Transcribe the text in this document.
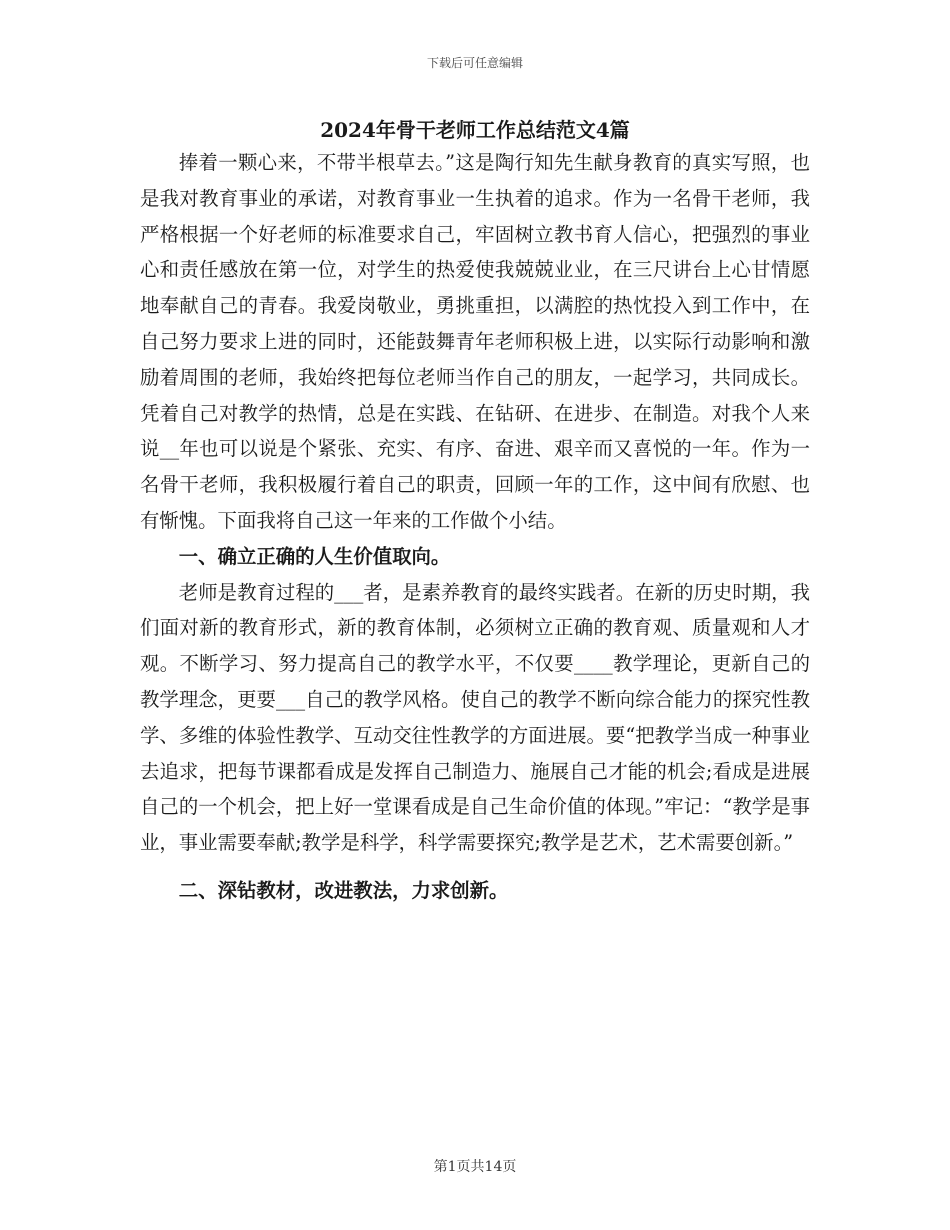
下载后可任意编辑
2024年骨干老师工作总结范文4篇

捧着一颗心来，不带半根草去。”这是陶行知先生献身教育的真实写照，也是我对教育事业的承诺，对教育事业一生执着的追求。作为一名骨干老师，我严格根据一个好老师的标准要求自己，牢固树立教书育人信心，把强烈的事业心和责任感放在第一位，对学生的热爱使我兢兢业业，在三尺讲台上心甘情愿地奉献自己的青春。我爱岗敬业，勇挑重担，以满腔的热忱投入到工作中，在自己努力要求上进的同时，还能鼓舞青年老师积极上进，以实际行动影响和激励着周围的老师，我始终把每位老师当作自己的朋友，一起学习，共同成长。凭着自己对教学的热情，总是在实践、在钻研、在进步、在制造。对我个人来说__年也可以说是个紧张、充实、有序、奋进、艰辛而又喜悦的一年。作为一名骨干老师，我积极履行着自己的职责，回顾一年的工作，这中间有欣慰、也有惭愧。下面我将自己这一年来的工作做个小结。

一、确立正确的人生价值取向。

老师是教育过程的___者，是素养教育的最终实践者。在新的历史时期，我们面对新的教育形式，新的教育体制，必须树立正确的教育观、质量观和人才观。不断学习、努力提高自己的教学水平，不仅要____教学理论，更新自己的教学理念，更要___自己的教学风格。使自己的教学不断向综合能力的探究性教学、多维的体验性教学、互动交往性教学的方面进展。要“把教学当成一种事业去追求，把每节课都看成是发挥自己制造力、施展自己才能的机会;看成是进展自己的一个机会，把上好一堂课看成是自己生命价值的体现。”牢记：“教学是事业，事业需要奉献;教学是科学，科学需要探究;教学是艺术，艺术需要创新。”

二、深钻教材，改进教法，力求创新。

第1页共14页
